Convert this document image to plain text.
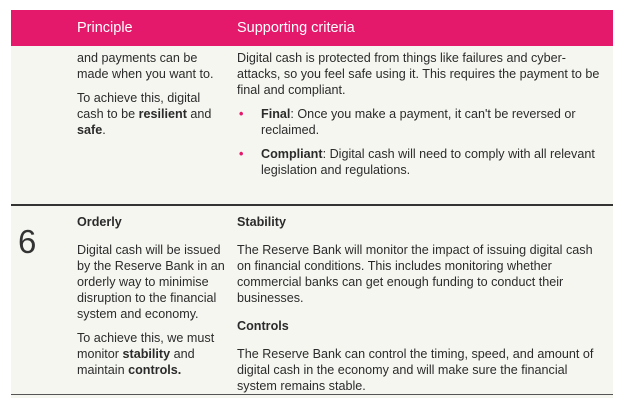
Principle	Supporting criteria

and payments can be made when you want to.

To achieve this, digital cash to be resilient and safe.

Digital cash is protected from things like failures and cyber-attacks, so you feel safe using it. This requires the payment to be final and compliant.

• Final: Once you make a payment, it can't be reversed or reclaimed.
• Compliant: Digital cash will need to comply with all relevant legislation and regulations.
6

Orderly

Digital cash will be issued by the Reserve Bank in an orderly way to minimise disruption to the financial system and economy.

To achieve this, we must monitor stability and maintain controls.

Stability

The Reserve Bank will monitor the impact of issuing digital cash on financial conditions. This includes monitoring whether commercial banks can get enough funding to conduct their businesses.

Controls

The Reserve Bank can control the timing, speed, and amount of digital cash in the economy and will make sure the financial system remains stable.
